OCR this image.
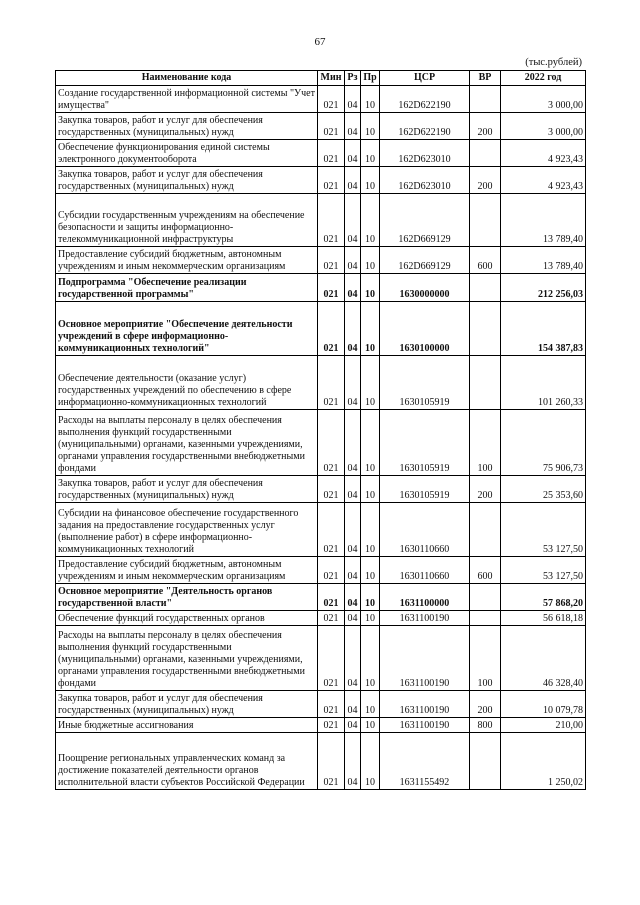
67
(тыс.рублей)
Наименование кода	Мин	Рз	Пр	ЦСР	ВР	2022 год
Создание государственной информационной системы "Учет имущества"	021	04	10	162D622190		3 000,00
Закупка товаров, работ и услуг для обеспечения государственных (муниципальных) нужд	021	04	10	162D622190	200	3 000,00
Обеспечение функционирования единой системы электронного документооборота	021	04	10	162D623010		4 923,43
Закупка товаров, работ и услуг для обеспечения государственных (муниципальных) нужд	021	04	10	162D623010	200	4 923,43
Субсидии государственным учреждениям на обеспечение безопасности и защиты информационно-телекоммуникационной инфраструктуры	021	04	10	162D669129		13 789,40
Предоставление субсидий бюджетным, автономным учреждениям и иным некоммерческим организациям	021	04	10	162D669129	600	13 789,40
Подпрограмма "Обеспечение реализации государственной программы"	021	04	10	1630000000		212 256,03
Основное мероприятие "Обеспечение деятельности учреждений в сфере информационно-коммуникационных технологий"	021	04	10	1630100000		154 387,83
Обеспечение деятельности (оказание услуг) государственных учреждений по обеспечению в сфере информационно-коммуникационных технологий	021	04	10	1630105919		101 260,33
Расходы на выплаты персоналу в целях обеспечения выполнения функций государственными (муниципальными) органами, казенными учреждениями, органами управления государственными внебюджетными фондами	021	04	10	1630105919	100	75 906,73
Закупка товаров, работ и услуг для обеспечения государственных (муниципальных) нужд	021	04	10	1630105919	200	25 353,60
Субсидии на финансовое обеспечение государственного задания на предоставление государственных услуг (выполнение работ) в сфере информационно-коммуникационных технологий	021	04	10	1630110660		53 127,50
Предоставление субсидий бюджетным, автономным учреждениям и иным некоммерческим организациям	021	04	10	1630110660	600	53 127,50
Основное мероприятие "Деятельность органов государственной власти"	021	04	10	1631100000		57 868,20
Обеспечение функций государственных органов	021	04	10	1631100190		56 618,18
Расходы на выплаты персоналу в целях обеспечения выполнения функций государственными (муниципальными) органами, казенными учреждениями, органами управления государственными внебюджетными фондами	021	04	10	1631100190	100	46 328,40
Закупка товаров, работ и услуг для обеспечения государственных (муниципальных) нужд	021	04	10	1631100190	200	10 079,78
Иные бюджетные ассигнования	021	04	10	1631100190	800	210,00
Поощрение региональных управленческих команд за достижение показателей деятельности органов исполнительной власти субъектов Российской Федерации	021	04	10	1631155492		1 250,02
